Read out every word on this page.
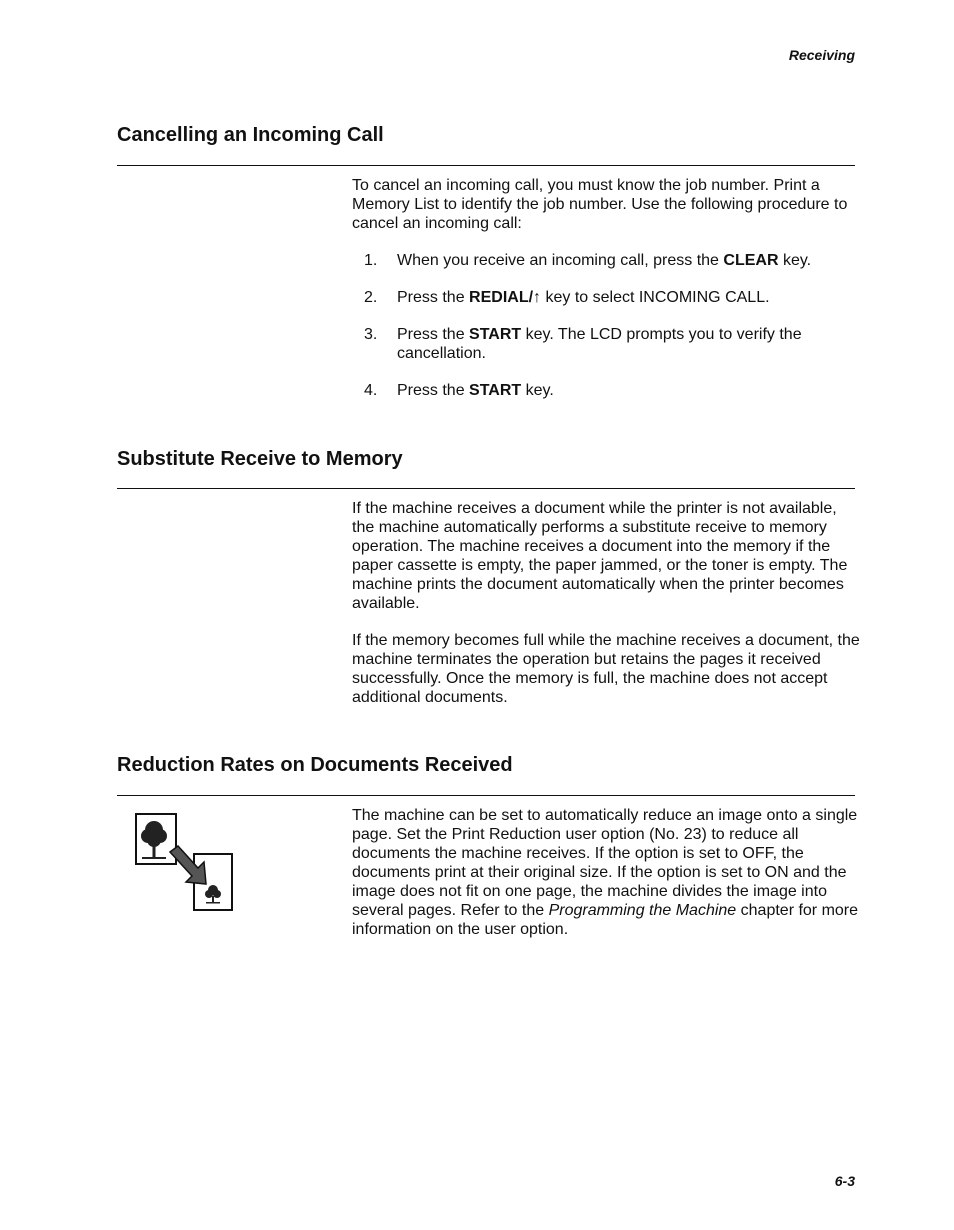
Receiving
Cancelling an Incoming Call

To cancel an incoming call, you must know the job number. Print a Memory List to identify the job number. Use the following procedure to cancel an incoming call:

1.	When you receive an incoming call, press the CLEAR key.
2.	Press the REDIAL/↑ key to select INCOMING CALL.
3.	Press the START key. The LCD prompts you to verify the cancellation.
4.	Press the START key.
Substitute Receive to Memory

If the machine receives a document while the printer is not available, the machine automatically performs a substitute receive to memory operation. The machine receives a document into the memory if the paper cassette is empty, the paper jammed, or the toner is empty. The machine prints the document automatically when the printer becomes available.

If the memory becomes full while the machine receives a document, the machine terminates the operation but retains the pages it received successfully. Once the memory is full, the machine does not accept additional documents.

Reduction Rates on Documents Received

The machine can be set to automatically reduce an image onto a single page. Set the Print Reduction user option (No. 23) to reduce all documents the machine receives. If the option is set to OFF, the documents print at their original size. If the option is set to ON and the image does not fit on one page, the machine divides the image into several pages. Refer to the Programming the Machine chapter for more information on the user option.

6-3
